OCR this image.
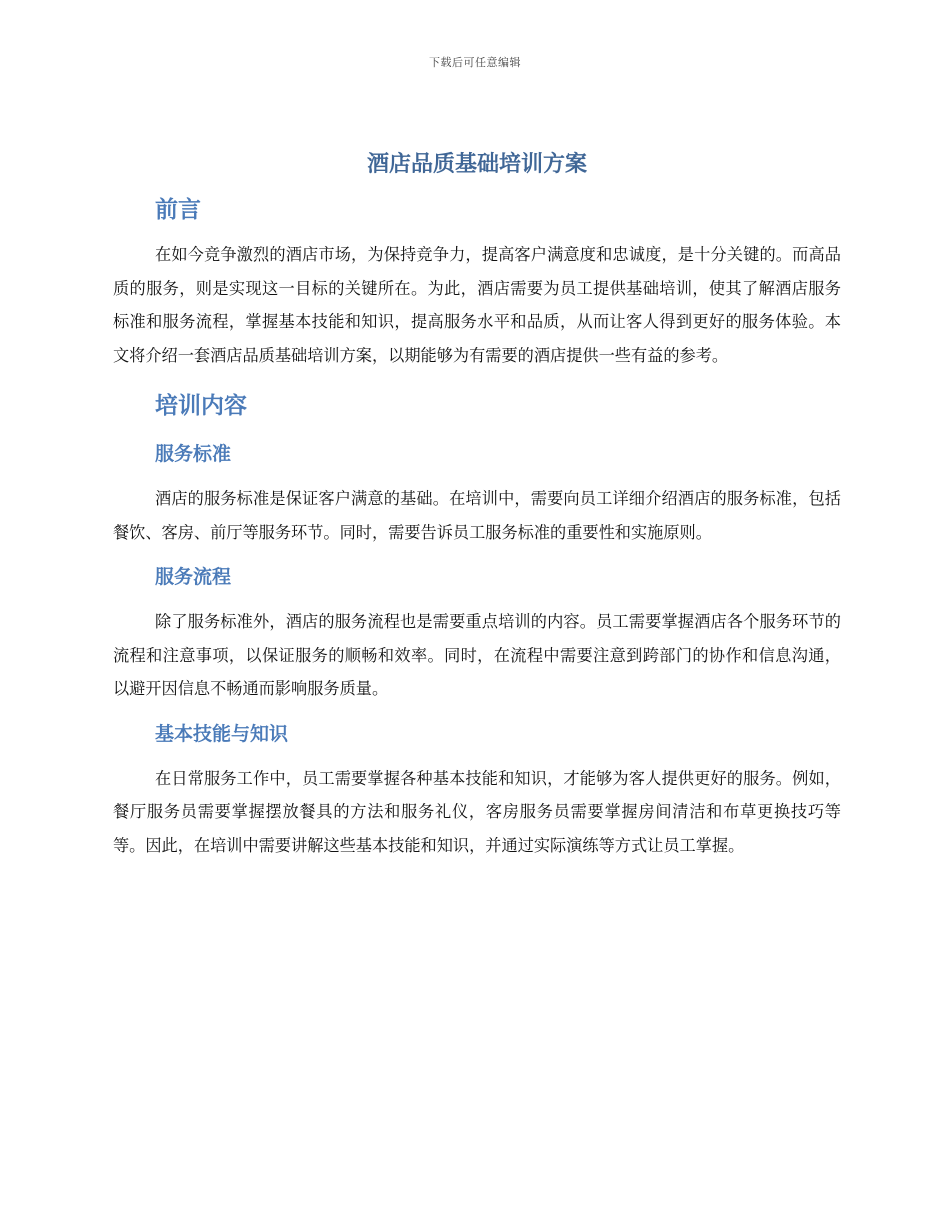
下载后可任意编辑
酒店品质基础培训方案
前言

在如今竞争激烈的酒店市场，为保持竞争力，提高客户满意度和忠诚度，是十分关键的。而高品质的服务，则是实现这一目标的关键所在。为此，酒店需要为员工提供基础培训，使其了解酒店服务标准和服务流程，掌握基本技能和知识，提高服务水平和品质，从而让客人得到更好的服务体验。本文将介绍一套酒店品质基础培训方案，以期能够为有需要的酒店提供一些有益的参考。

培训内容
服务标准

酒店的服务标准是保证客户满意的基础。在培训中，需要向员工详细介绍酒店的服务标准，包括餐饮、客房、前厅等服务环节。同时，需要告诉员工服务标准的重要性和实施原则。

服务流程

除了服务标准外，酒店的服务流程也是需要重点培训的内容。员工需要掌握酒店各个服务环节的流程和注意事项，以保证服务的顺畅和效率。同时，在流程中需要注意到跨部门的协作和信息沟通，以避开因信息不畅通而影响服务质量。

基本技能与知识

在日常服务工作中，员工需要掌握各种基本技能和知识，才能够为客人提供更好的服务。例如，餐厅服务员需要掌握摆放餐具的方法和服务礼仪，客房服务员需要掌握房间清洁和布草更换技巧等等。因此，在培训中需要讲解这些基本技能和知识，并通过实际演练等方式让员工掌握。
